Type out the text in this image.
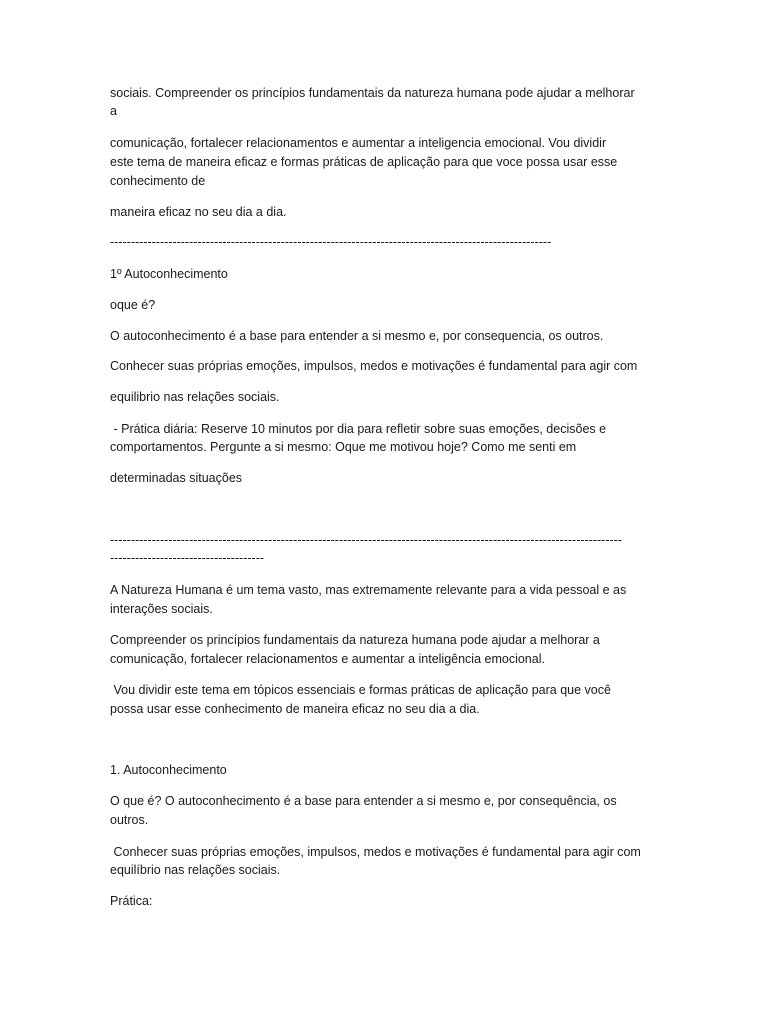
sociais. Compreender os princípios fundamentais da natureza humana pode ajudar a melhorar

a

comunicação, fortalecer relacionamentos e aumentar a inteligencia emocional. Vou dividir

este tema de maneira eficaz e formas práticas de aplicação para que voce possa usar esse

conhecimento de

maneira eficaz no seu dia a dia.

----------------------------------------------------------------------------------------------------------

1º Autoconhecimento

oque é?

O autoconhecimento é a base para entender a si mesmo e, por consequencia, os outros.

Conhecer suas próprias emoções, impulsos, medos e motivações é fundamental para agir com

equilibrio nas relações sociais.

- Prática diária: Reserve 10 minutos por dia para refletir sobre suas emoções, decisões e

comportamentos. Pergunte a si mesmo: Oque me motivou hoje? Como me senti em

determinadas situações

---------------------------------------------------------------------------------------------------------------------------

-------------------------------------

A Natureza Humana é um tema vasto, mas extremamente relevante para a vida pessoal e as

interações sociais.

Compreender os princípios fundamentais da natureza humana pode ajudar a melhorar a

comunicação, fortalecer relacionamentos e aumentar a inteligência emocional.

Vou dividir este tema em tópicos essenciais e formas práticas de aplicação para que você

possa usar esse conhecimento de maneira eficaz no seu dia a dia.

1. Autoconhecimento

O que é? O autoconhecimento é a base para entender a si mesmo e, por consequência, os

outros.

Conhecer suas próprias emoções, impulsos, medos e motivações é fundamental para agir com

equilíbrio nas relações sociais.

Prática:
